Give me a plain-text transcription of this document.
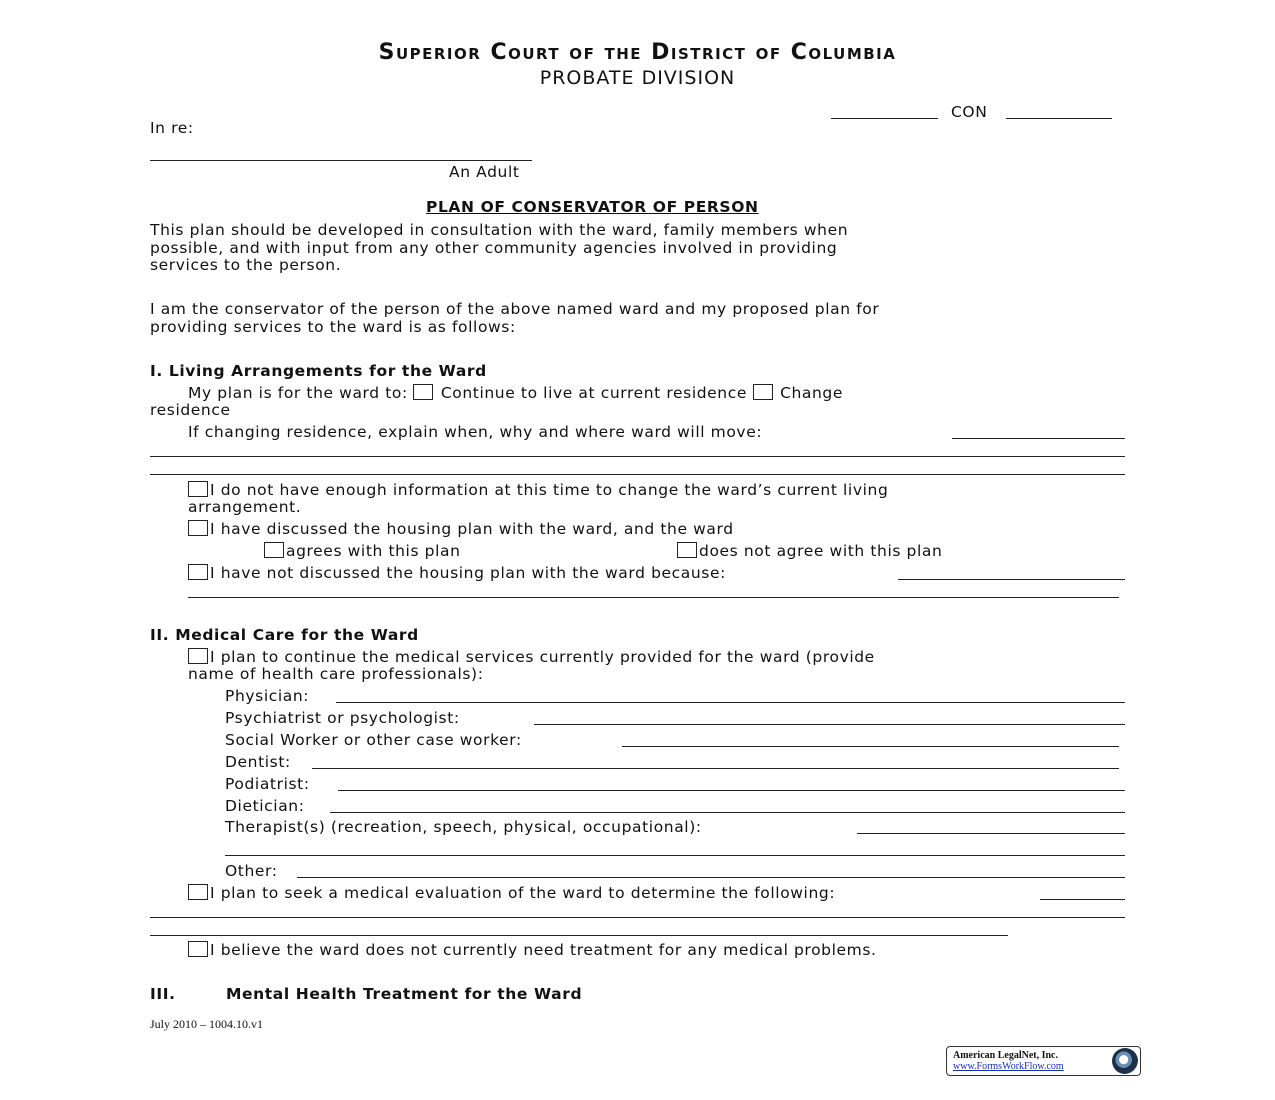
Superior Court of the District of Columbia
PROBATE DIVISION
CON
In re:
An Adult
PLAN OF CONSERVATOR OF PERSON
This plan should be developed in consultation with the ward, family members when
possible, and with input from any other community agencies involved in providing
services to the person.
I am the conservator of the person of the above named ward and my proposed plan for
providing services to the ward is as follows:
I. Living Arrangements for the Ward
My plan is for the ward to: Continue to live at current residence Change
residence
If changing residence, explain when, why and where ward will move:
I do not have enough information at this time to change the ward’s current living
arrangement.
I have discussed the housing plan with the ward, and the ward
agrees with this plan	does not agree with this plan
I have not discussed the housing plan with the ward because:
II. Medical Care for the Ward
I plan to continue the medical services currently provided for the ward (provide
name of health care professionals):
Physician:
Psychiatrist or psychologist:
Social Worker or other case worker:
Dentist:
Podiatrist:
Dietician:
Therapist(s) (recreation, speech, physical, occupational):
Other:
I plan to seek a medical evaluation of the ward to determine the following:
I believe the ward does not currently need treatment for any medical problems.
III.	Mental Health Treatment for the Ward
July 2010 – 1004.10.v1
American LegalNet, Inc.
www.FormsWorkFlow.com
